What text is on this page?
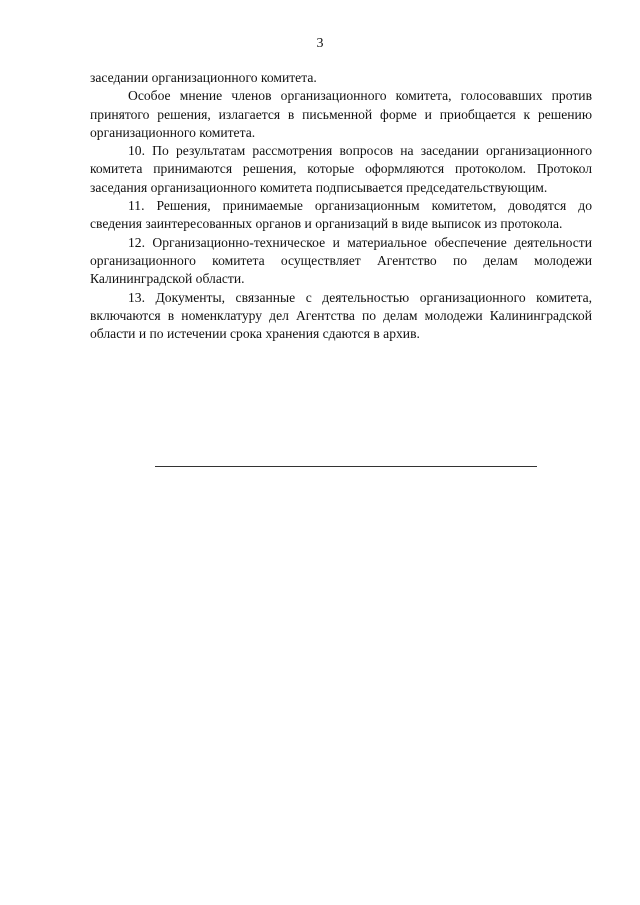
3

заседании организационного комитета.

Особое мнение членов организационного комитета, голосовавших против принятого решения, излагается в письменной форме и приобщается к решению организационного комитета.

10. По результатам рассмотрения вопросов на заседании организационного комитета принимаются решения, которые оформляются протоколом. Протокол заседания организационного комитета подписывается председательствующим.

11. Решения, принимаемые организационным комитетом, доводятся до сведения заинтересованных органов и организаций в виде выписок из протокола.

12. Организационно-техническое и материальное обеспечение деятельности организационного комитета осуществляет Агентство по делам молодежи Калининградской области.

13. Документы, связанные с деятельностью организационного комитета, включаются в номенклатуру дел Агентства по делам молодежи Калининградской области и по истечении срока хранения сдаются в архив.
